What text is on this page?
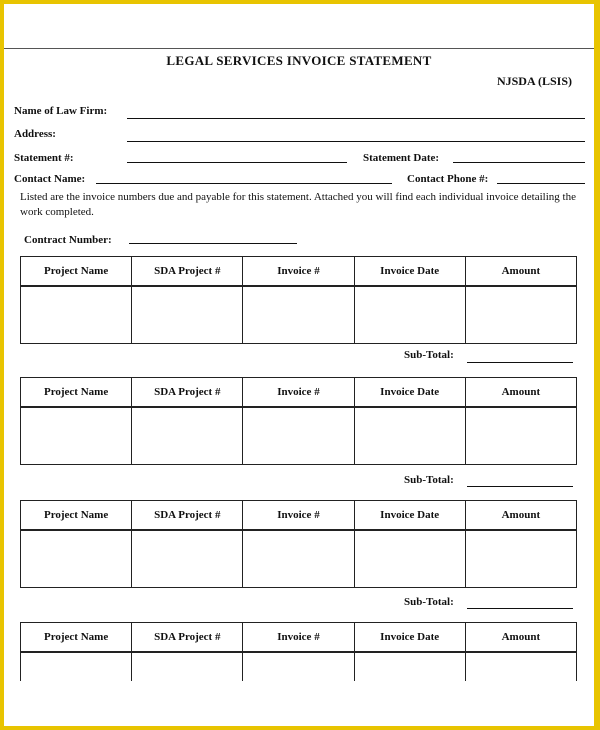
LEGAL SERVICES INVOICE STATEMENT
NJSDA (LSIS)
Name of Law Firm:
Address:
Statement #:	Statement Date:
Contact Name:	Contact Phone #:
Listed are the invoice numbers due and payable for this statement. Attached you will find each individual invoice detailing the work completed.
Contract Number:
Project Name	SDA Project #	Invoice #	Invoice Date	Amount

Sub-Total:
Project Name	SDA Project #	Invoice #	Invoice Date	Amount

Sub-Total:
Project Name	SDA Project #	Invoice #	Invoice Date	Amount

Sub-Total:
Project Name	SDA Project #	Invoice #	Invoice Date	Amount
